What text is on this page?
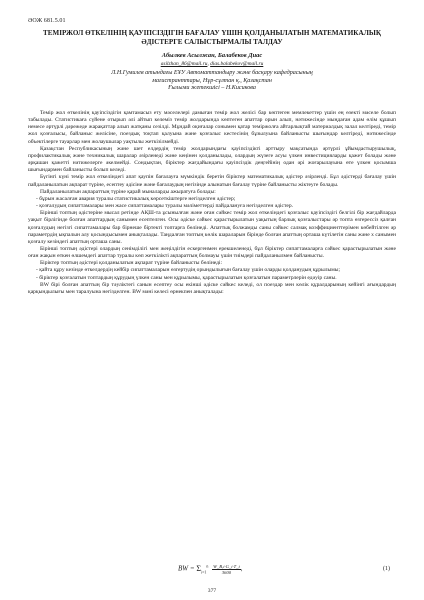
ӘОЖ 681.5.01
ТЕМІРЖОЛ ӨТКЕЛІНІҢ ҚАУІПСІЗДІГІН БАҒАЛАУ ҮШІН ҚОЛДАНЫЛАТЫН МАТЕМАТИКАЛЫҚ ӘДІСТЕРГЕ САЛЫСТЫРМАЛЫ ТАЛДАУ
Абылкев Асылжан, Балабеков Диас
asilzhan_86@mail.ru, dias.balabekov@mail.ru
Л.Н.Гумилев атындағы ЕҰУ Автоматтандыру және басқару кафедрасының
магистранттары, Нұр-сұлтан қ., Қазақстан
Ғылыми жетекшісі – Н.Кисикова

Темір жол өткелінің қауіпсіздігін қамтамасыз ету мәселелері дамыған темір жол желісі бар көптеген мемлекеттер үшін ең өзекті мәселе болып табылады. Статистикаға сүйене отырып әлі айтып келеміз темір жолдарында көптеген апаттар орын алып, нәтижесінде мыңдаған адам өлім құшып немесе әртүрлі дәрежеде жарақаттар алып жатқаны сезілді. Мұндай оқиғалар сонымен қатар теміржолға айтарлықтай материалдық залал келтіреді, темір жол қозғалысы, байланыс желісіне, поездық тоқтап қалуына және қозғалыс кестесінің бұзылуына байланысты шығындар келтіреді, нәтижесінде объектілерге тауарлар мен жолаушылар уақтылы жеткізілмейді.

Қазақстан Республикасының және шет елдердің темір жолдарындағы қауіпсіздікті арттыру мақсатында әртүрлі ұйымдастырушылық, профилактикалық және техникалық шаралар әзірленеді және кеңінен қолданылады, олардың жүзеге асуы үлкен инвестицияларды қажет болады және әрқашан қажетті нәтижелерге әкелмейді. Сондықтан, біріктер жағдайындағы қауіпсіздік деңгейінің одан әрі жоғарылауына өте үлкен қосымша шығындармен байланысты болып келеді.

Бүгінгі күні темір жол өткеліндегі апат қаупін бағалауға мүмкіндік беретін біріктер математикалық әдістер әзірленді. Бұл әдістерді бағалау үшін пайдаланылатын ақпарат түріне, есептеу әдісіне және бағалаудың негізінде алынатын бағалау түріне байланысты жіктеуге болады.

Пайдаланылатын ақпараттың түріне қарай мыналарды ажыратуға болады:

- бұрын жасалған авария туралы статистикалық көрсеткіштерге негізделген әдістер;

- қозғалудың сипаттамалары мен жасе сипаттамалары туралы мәліметтерді пайдалануға негізделген әдістер.

Бірінші топтың әдістеріне мысал ретінде АҚШ-та ұсынылған және оған сәйкес темір жол өткеліндегі қозғалыс қауіпсіздігі белгілі бір жағдайларда уақыт бірлігінде болған апаттардың санымен есептелген. Осы әдіске сәйкес қарастырылатын уақытың барлық қозғалыстары әр топта өзгерессіз қалған қозғалудың негізгі сипаттамалары бар бірнеше біртекті топтарға бөлінеді. Апаттық болжамды саны сәйкес салмақ коэффициенттерімен көбейтілген әр параметрдің ықпалын алу қосындысымен анықталады. Таңдалған топтың көлік шараларын бірінде болған апаттың орташа күтілетін саны және х санымен қозғалу кезіндегі апаттың орташа саны.

Бірінші топтың әдістері олардың сенімділігі мен жеңілдігін ескергенмен ерекшеленеді, бұл біріктер сипаттамаларға сәйкес қарастырылатын және оған жақын өткен өлшемдегі апаттар туралы көп жеткілікті ақпараттың болмауы үшін тиімдері пайдаланылмен байланысты.

Біріктер топтың әдістері қолданылатын ақпарат түріне байланысты бөлінеді:

- қайта құру кезінде өткелдердің кейбір сипаттамаларын өзгертудің орындылығын бағалау үшін оларды қолданудың құрылымы;

- біріктер қозғалатын топтардың құрудың үлкен саны мен құрылымы, қарастырылатын қозғалатын параметрлерін едәуір саны.

BW бірі болған апаттың бір тәуліктегі санын есептеу осы екінші әдіске сәйкес келеді, ол поездар мен көлік құралдарының кейінгі ағындардың қарқындылығы мен таралуына негізделген. BW мәні келесі өрнекпен анықталады:

BW = $\Sigma_{i=1}^n \frac{W\_B,i\cdot G\_i\cdot T\_i}{3600}$ ,	(1)
377
